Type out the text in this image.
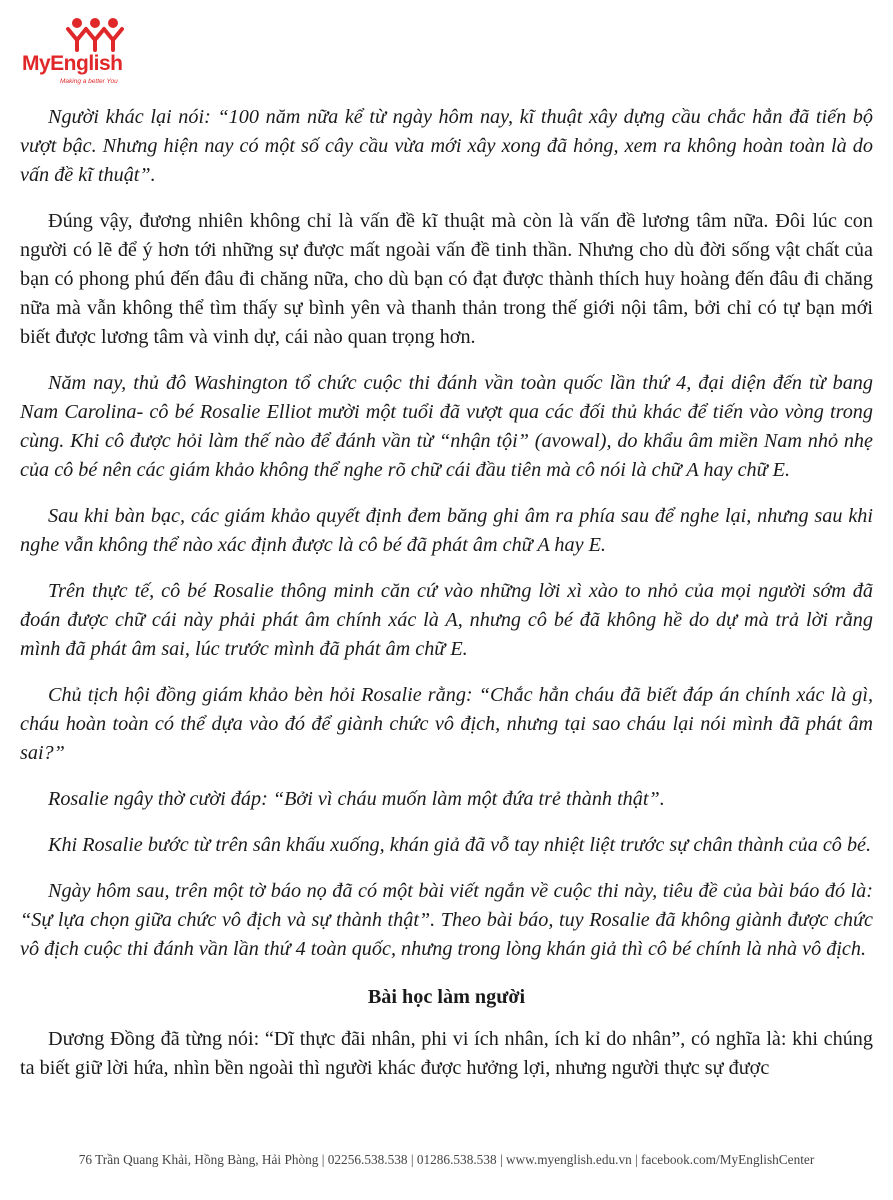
MyEnglish
Making a better You

Người khác lại nói: “100 năm nữa kể từ ngày hôm nay, kĩ thuật xây dựng cầu chắc hẳn đã tiến bộ vượt bậc. Nhưng hiện nay có một số cây cầu vừa mới xây xong đã hỏng, xem ra không hoàn toàn là do vấn đề kĩ thuật”.

Đúng vậy, đương nhiên không chỉ là vấn đề kĩ thuật mà còn là vấn đề lương tâm nữa. Đôi lúc con người có lẽ để ý hơn tới những sự được mất ngoài vấn đề tinh thần. Nhưng cho dù đời sống vật chất của bạn có phong phú đến đâu đi chăng nữa, cho dù bạn có đạt được thành thích huy hoàng đến đâu đi chăng nữa mà vẫn không thể tìm thấy sự bình yên và thanh thản trong thế giới nội tâm, bởi chỉ có tự bạn mới biết được lương tâm và vinh dự, cái nào quan trọng hơn.

Năm nay, thủ đô Washington tổ chức cuộc thi đánh vần toàn quốc lần thứ 4, đại diện đến từ bang Nam Carolina- cô bé Rosalie Elliot mười một tuổi đã vượt qua các đối thủ khác để tiến vào vòng trong cùng. Khi cô được hỏi làm thế nào để đánh vần từ “nhận tội” (avowal), do khẩu âm miền Nam nhỏ nhẹ của cô bé nên các giám khảo không thể nghe rõ chữ cái đầu tiên mà cô nói là chữ A hay chữ E.

Sau khi bàn bạc, các giám khảo quyết định đem băng ghi âm ra phía sau để nghe lại, nhưng sau khi nghe vẫn không thể nào xác định được là cô bé đã phát âm chữ A hay E.

Trên thực tế, cô bé Rosalie thông minh căn cứ vào những lời xì xào to nhỏ của mọi người sớm đã đoán được chữ cái này phải phát âm chính xác là A, nhưng cô bé đã không hề do dự mà trả lời rằng mình đã phát âm sai, lúc trước mình đã phát âm chữ E.

Chủ tịch hội đồng giám khảo bèn hỏi Rosalie rằng: “Chắc hẳn cháu đã biết đáp án chính xác là gì, cháu hoàn toàn có thể dựa vào đó để giành chức vô địch, nhưng tại sao cháu lại nói mình đã phát âm sai?”

Rosalie ngây thờ cười đáp: “Bởi vì cháu muốn làm một đứa trẻ thành thật”.

Khi Rosalie bước từ trên sân khấu xuống, khán giả đã vỗ tay nhiệt liệt trước sự chân thành của cô bé.

Ngày hôm sau, trên một tờ báo nọ đã có một bài viết ngắn về cuộc thi này, tiêu đề của bài báo đó là: “Sự lựa chọn giữa chức vô địch và sự thành thật”. Theo bài báo, tuy Rosalie đã không giành được chức vô địch cuộc thi đánh vần lần thứ 4 toàn quốc, nhưng trong lòng khán giả thì cô bé chính là nhà vô địch.

Bài học làm người

Dương Đồng đã từng nói: “Dĩ thực đãi nhân, phi vi ích nhân, ích kỉ do nhân”, có nghĩa là: khi chúng ta biết giữ lời hứa, nhìn bền ngoài thì người khác được hưởng lợi, nhưng người thực sự được

76 Trần Quang Khải, Hồng Bàng, Hải Phòng | 02256.538.538 | 01286.538.538 | www.myenglish.edu.vn | facebook.com/MyEnglishCenter
